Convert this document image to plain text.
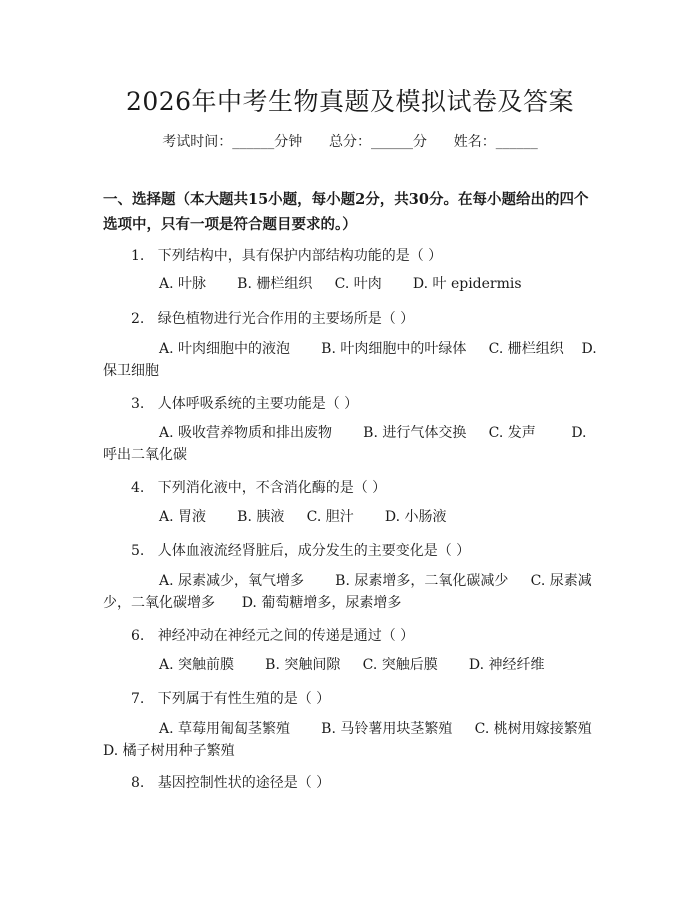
2026年中考生物真题及模拟试卷及答案
考试时间：______分钟      总分：______分      姓名：______
一、选择题（本大题共15小题，每小题2分，共30分。在每小题给出的四个选项中，只有一项是符合题目要求的。）
1.   下列结构中，具有保护内部结构功能的是（ ）
A. 叶脉       B. 栅栏组织     C. 叶肉       D. 叶 epidermis
2.   绿色植物进行光合作用的主要场所是（ ）
A. 叶肉细胞中的液泡       B. 叶肉细胞中的叶绿体     C. 栅栏组织    D. 保卫细胞
3.   人体呼吸系统的主要功能是（ ）
A. 吸收营养物质和排出废物       B. 进行气体交换     C. 发声        D. 呼出二氧化碳
4.   下列消化液中，不含消化酶的是（ ）
A. 胃液       B. 胰液     C. 胆汁       D. 小肠液
5.   人体血液流经肾脏后，成分发生的主要变化是（ ）
A. 尿素减少，氧气增多       B. 尿素增多，二氧化碳减少     C. 尿素减少，二氧化碳增多      D. 葡萄糖增多，尿素增多
6.   神经冲动在神经元之间的传递是通过（ ）
A. 突触前膜       B. 突触间隙     C. 突触后膜       D. 神经纤维
7.   下列属于有性生殖的是（ ）
A. 草莓用匍匐茎繁殖       B. 马铃薯用块茎繁殖     C. 桃树用嫁接繁殖    D. 橘子树用种子繁殖
8.   基因控制性状的途径是（ ）
